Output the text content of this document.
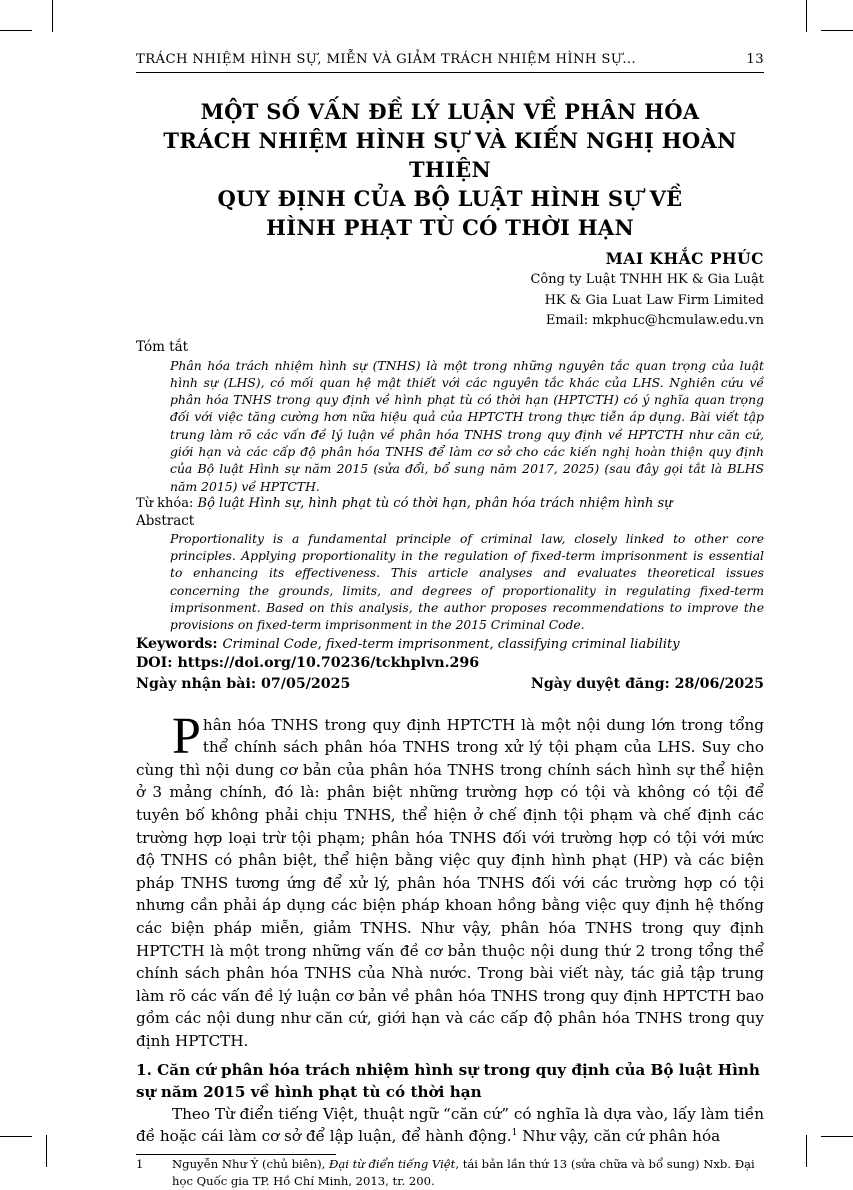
TRÁCH NHIỆM HÌNH SỰ, MIỄN VÀ GIẢM TRÁCH NHIỆM HÌNH SỰ...	13
MỘT SỐ VẤN ĐỀ LÝ LUẬN VỀ PHÂN HÓA
TRÁCH NHIỆM HÌNH SỰ VÀ KIẾN NGHỊ HOÀN THIỆN
QUY ĐỊNH CỦA BỘ LUẬT HÌNH SỰ VỀ
HÌNH PHẠT TÙ CÓ THỜI HẠN
MAI KHẮC PHÚC
Công ty Luật TNHH HK & Gia Luật
HK & Gia Luat Law Firm Limited
Email: mkphuc@hcmulaw.edu.vn
Tóm tắt

Phân hóa trách nhiệm hình sự (TNHS) là một trong những nguyên tắc quan trọng của luật hình sự (LHS), có mối quan hệ mật thiết với các nguyên tắc khác của LHS. Nghiên cứu về phân hóa TNHS trong quy định về hình phạt tù có thời hạn (HPTCTH) có ý nghĩa quan trọng đối với việc tăng cường hơn nữa hiệu quả của HPTCTH trong thực tiễn áp dụng. Bài viết tập trung làm rõ các vấn đề lý luận về phân hóa TNHS trong quy định về HPTCTH như căn cứ, giới hạn và các cấp độ phân hóa TNHS để làm cơ sở cho các kiến nghị hoàn thiện quy định của Bộ luật Hình sự năm 2015 (sửa đổi, bổ sung năm 2017, 2025) (sau đây gọi tắt là BLHS năm 2015) về HPTCTH.

Từ khóa: Bộ luật Hình sự, hình phạt tù có thời hạn, phân hóa trách nhiệm hình sự
Abstract

Proportionality is a fundamental principle of criminal law, closely linked to other core principles. Applying proportionality in the regulation of fixed-term imprisonment is essential to enhancing its effectiveness. This article analyses and evaluates theoretical issues concerning the grounds, limits, and degrees of proportionality in regulating fixed-term imprisonment. Based on this analysis, the author proposes recommendations to improve the provisions on fixed-term imprisonment in the 2015 Criminal Code.

Keywords: Criminal Code, fixed-term imprisonment, classifying criminal liability
DOI: https://doi.org/10.70236/tckhplvn.296
Ngày nhận bài: 07/05/2025	Ngày duyệt đăng: 28/06/2025

Phân hóa TNHS trong quy định HPTCTH là một nội dung lớn trong tổng thể chính sách phân hóa TNHS trong xử lý tội phạm của LHS. Suy cho cùng thì nội dung cơ bản của phân hóa TNHS trong chính sách hình sự thể hiện ở 3 mảng chính, đó là: phân biệt những trường hợp có tội và không có tội để tuyên bố không phải chịu TNHS, thể hiện ở chế định tội phạm và chế định các trường hợp loại trừ tội phạm; phân hóa TNHS đối với trường hợp có tội với mức độ TNHS có phân biệt, thể hiện bằng việc quy định hình phạt (HP) và các biện pháp TNHS tương ứng để xử lý, phân hóa TNHS đối với các trường hợp có tội nhưng cần phải áp dụng các biện pháp khoan hồng bằng việc quy định hệ thống các biện pháp miễn, giảm TNHS. Như vậy, phân hóa TNHS trong quy định HPTCTH là một trong những vấn đề cơ bản thuộc nội dung thứ 2 trong tổng thể chính sách phân hóa TNHS của Nhà nước. Trong bài viết này, tác giả tập trung làm rõ các vấn đề lý luận cơ bản về phân hóa TNHS trong quy định HPTCTH bao gồm các nội dung như căn cứ, giới hạn và các cấp độ phân hóa TNHS trong quy định HPTCTH.

1. Căn cứ phân hóa trách nhiệm hình sự trong quy định của Bộ luật Hình sự năm 2015 về hình phạt tù có thời hạn

Theo Từ điển tiếng Việt, thuật ngữ “căn cứ” có nghĩa là dựa vào, lấy làm tiền đề hoặc cái làm cơ sở để lập luận, để hành động.$^1$ Như vậy, căn cứ phân hóa

1	Nguyễn Như Ý (chủ biên), Đại từ điển tiếng Việt, tái bản lần thứ 13 (sửa chữa và bổ sung) Nxb. Đại học Quốc gia TP. Hồ Chí Minh, 2013, tr. 200.
